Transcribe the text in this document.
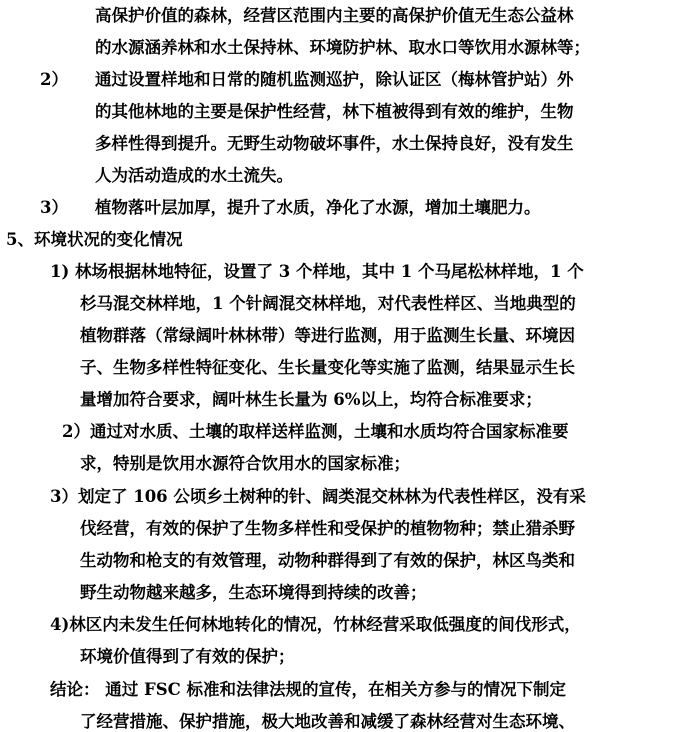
高保护价值的森林，经营区范围内主要的高保护价值无生态公益林
的水源涵养林和水土保持林、环境防护林、取水口等饮用水源林等；
2） 通过设置样地和日常的随机监测巡护，除认证区（梅林管护站）外
的其他林地的主要是保护性经营，林下植被得到有效的维护，生物
多样性得到提升。无野生动物破坏事件，水土保持良好，没有发生
人为活动造成的水土流失。
3） 植物落叶层加厚，提升了水质，净化了水源，增加土壤肥力。
5、环境状况的变化情况
1) 林场根据林地特征，设置了 3 个样地，其中 1 个马尾松林样地，1 个
杉马混交林样地，1 个针阔混交林样地，对代表性样区、当地典型的
植物群落（常绿阔叶林林带）等进行监测，用于监测生长量、环境因
子、生物多样性特征变化、生长量变化等实施了监测，结果显示生长
量增加符合要求，阔叶林生长量为 6%以上，均符合标准要求；
2）通过对水质、土壤的取样送样监测，土壤和水质均符合国家标准要
求，特别是饮用水源符合饮用水的国家标准；
3）划定了 106 公顷乡土树种的针、阔类混交林林为代表性样区，没有采
伐经营，有效的保护了生物多样性和受保护的植物物种；禁止猎杀野
生动物和枪支的有效管理，动物种群得到了有效的保护，林区鸟类和
野生动物越来越多，生态环境得到持续的改善；
4)林区内未发生任何林地转化的情况，竹林经营采取低强度的间伐形式，
环境价值得到了有效的保护；
结论： 通过 FSC 标准和法律法规的宣传，在相关方参与的情况下制定
了经营措施、保护措施，极大地改善和减缓了森林经营对生态环境、
